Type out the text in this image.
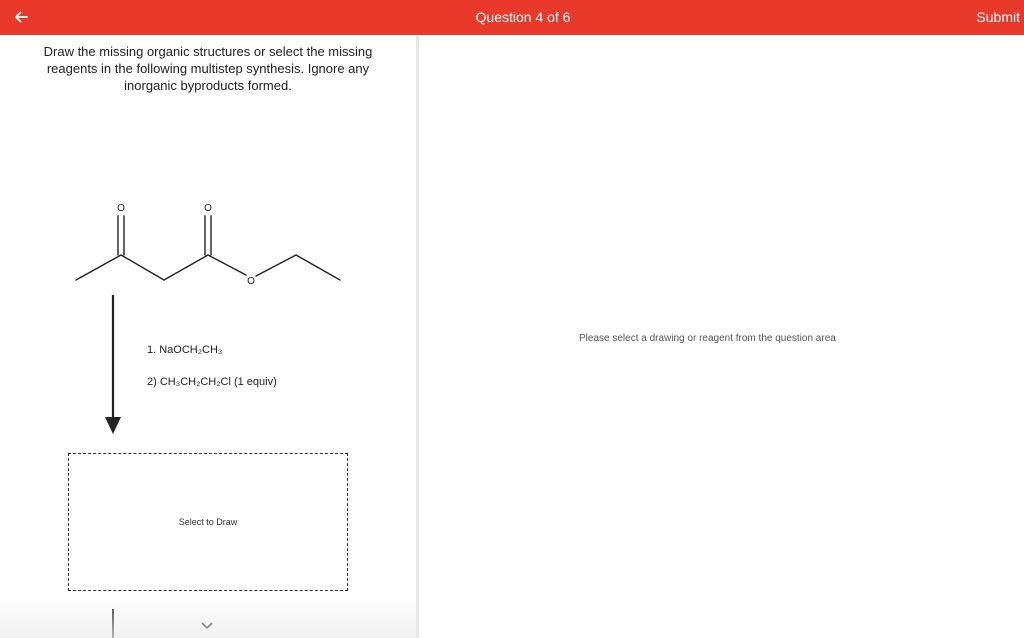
Question 4 of 6	Submit
Draw the missing organic structures or select the missing reagents in the following multistep synthesis. Ignore any inorganic byproducts formed.
O	O
O
1. NaOCH₂CH₃
2) CH₃CH₂CH₂Cl (1 equiv)
Select to Draw
Please select a drawing or reagent from the question area
